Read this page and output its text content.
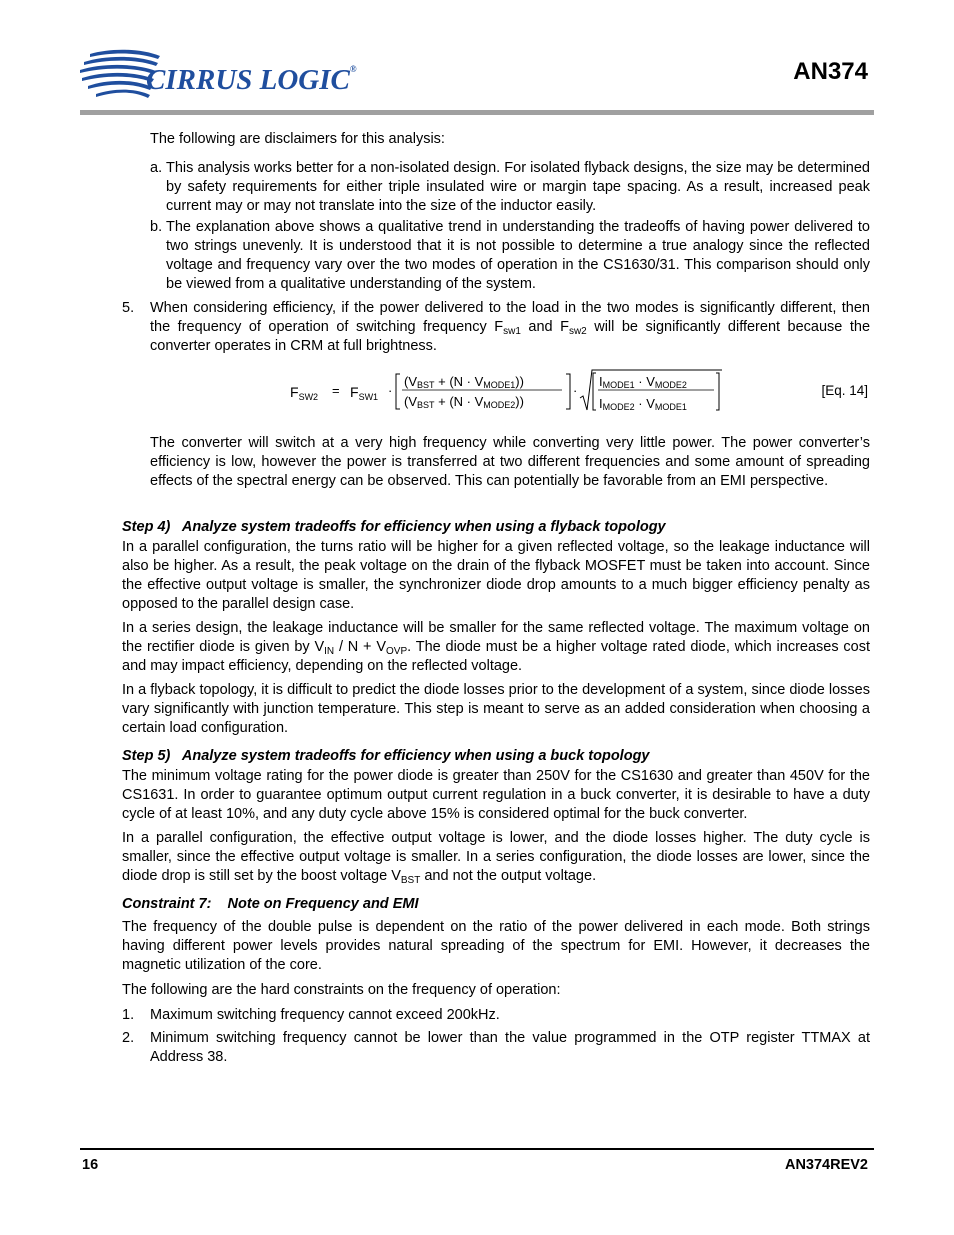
CIRRUS LOGIC®	AN374

The following are disclaimers for this analysis:

a. This analysis works better for a non-isolated design. For isolated flyback designs, the size may be determined by safety requirements for either triple insulated wire or margin tape spacing. As a result, increased peak current may or may not translate into the size of the inductor easily.

b. The explanation above shows a qualitative trend in understanding the tradeoffs of having power delivered to two strings unevenly. It is understood that it is not possible to determine a true analogy since the reflected voltage and frequency vary over the two modes of operation in the CS1630/31. This comparison should only be viewed from a qualitative understanding of the system.

5. When considering efficiency, if the power delivered to the load in the two modes is significantly different, then the frequency of operation of switching frequency $F_{sw1}$ and $F_{sw2}$ will be significantly different because the converter operates in CRM at full brightness.

$F_{SW2} = F_{SW1}$ ·
(VBST + (N · VMODE1))
(VBST + (N · VMODE2))
·
IMODE1 · VMODE2
IMODE2 · VMODE1
[Eq. 14]

The converter will switch at a very high frequency while converting very little power. The power converter’s efficiency is low, however the power is transferred at two different frequencies and some amount of spreading effects of the spectral energy can be observed. This can potentially be favorable from an EMI perspective.

Step 4)   Analyze system tradeoffs for efficiency when using a flyback topology

In a parallel configuration, the turns ratio will be higher for a given reflected voltage, so the leakage inductance will also be higher. As a result, the peak voltage on the drain of the flyback MOSFET must be taken into account. Since the effective output voltage is smaller, the synchronizer diode drop amounts to a much bigger efficiency penalty as opposed to the parallel design case.

In a series design, the leakage inductance will be smaller for the same reflected voltage. The maximum voltage on the rectifier diode is given by $V_{IN} / N + V_{OVP}$. The diode must be a higher voltage rated diode, which increases cost and may impact efficiency, depending on the reflected voltage.

In a flyback topology, it is difficult to predict the diode losses prior to the development of a system, since diode losses vary significantly with junction temperature. This step is meant to serve as an added consideration when choosing a certain load configuration.

Step 5)   Analyze system tradeoffs for efficiency when using a buck topology

The minimum voltage rating for the power diode is greater than 250V for the CS1630 and greater than 450V for the CS1631. In order to guarantee optimum output current regulation in a buck converter, it is desirable to have a duty cycle of at least 10%, and any duty cycle above 15% is considered optimal for the buck converter.

In a parallel configuration, the effective output voltage is lower, and the diode losses higher. The duty cycle is smaller, since the effective output voltage is smaller. In a series configuration, the diode losses are lower, since the diode drop is still set by the boost voltage $V_{BST}$ and not the output voltage.

Constraint 7:    Note on Frequency and EMI

The frequency of the double pulse is dependent on the ratio of the power delivered in each mode. Both strings having different power levels provides natural spreading of the spectrum for EMI. However, it decreases the magnetic utilization of the core.

The following are the hard constraints on the frequency of operation:

1. Maximum switching frequency cannot exceed 200kHz.

2. Minimum switching frequency cannot be lower than the value programmed in the OTP register TTMAX at Address 38.

16	AN374REV2
